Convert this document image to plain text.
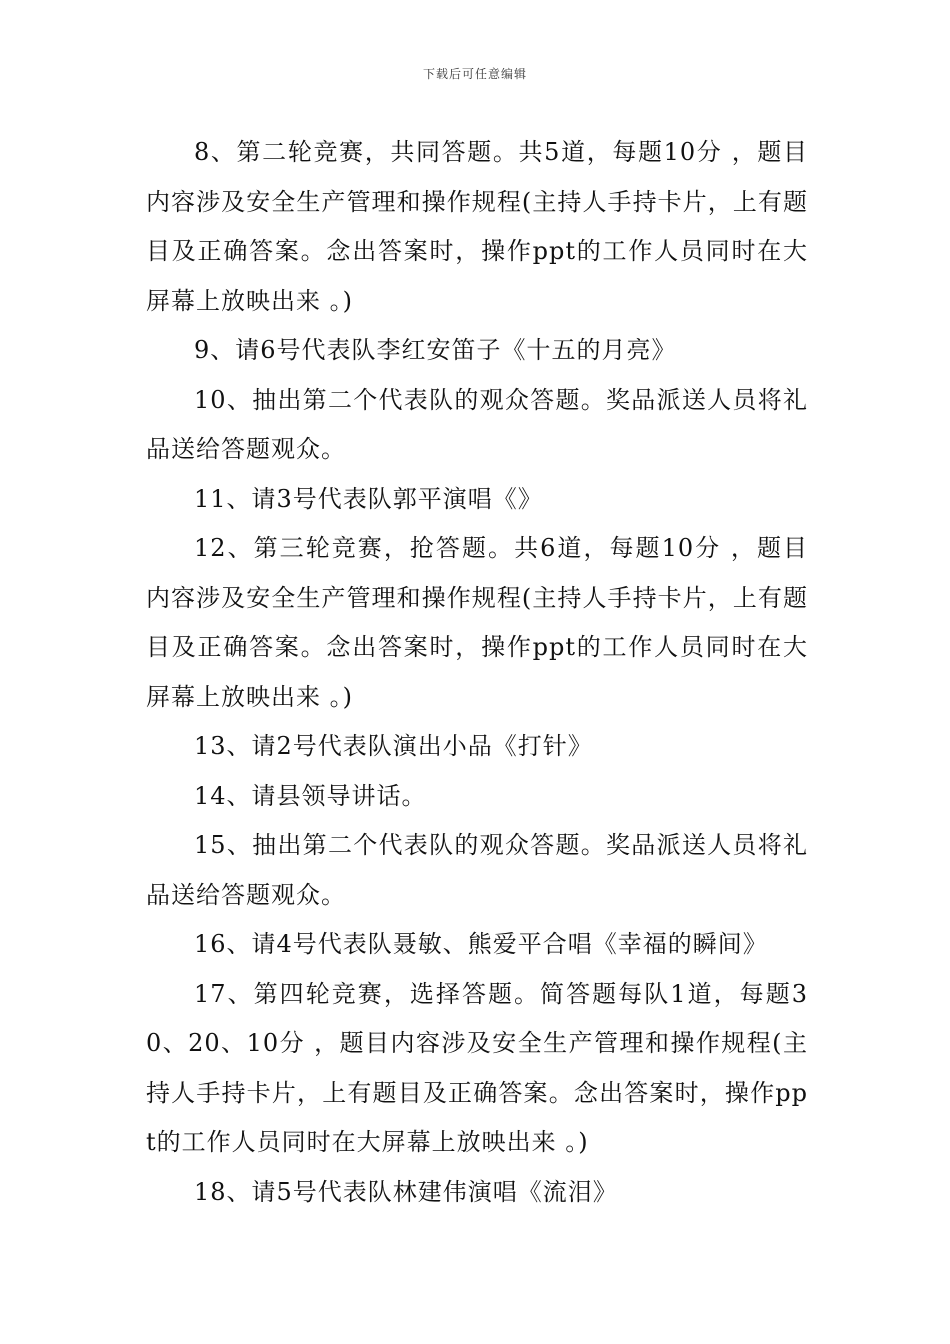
下载后可任意编辑

8、第二轮竞赛，共同答题。共5道，每题10分 ，题目内容涉及安全生产管理和操作规程(主持人手持卡片，上有题目及正确答案。念出答案时，操作ppt的工作人员同时在大屏幕上放映出来 。)

9、请6号代表队李红安笛子《十五的月亮》

10、抽出第二个代表队的观众答题。奖品派送人员将礼品送给答题观众。

11、请3号代表队郭平演唱《》

12、第三轮竞赛，抢答题。共6道，每题10分 ，题目内容涉及安全生产管理和操作规程(主持人手持卡片，上有题目及正确答案。念出答案时，操作ppt的工作人员同时在大屏幕上放映出来 。)

13、请2号代表队演出小品《打针》

14、请县领导讲话。

15、抽出第二个代表队的观众答题。奖品派送人员将礼品送给答题观众。

16、请4号代表队聂敏、熊爱平合唱《幸福的瞬间》

17、第四轮竞赛，选择答题。简答题每队1道，每题30、20、10分 ，题目内容涉及安全生产管理和操作规程(主持人手持卡片，上有题目及正确答案。念出答案时，操作ppt的工作人员同时在大屏幕上放映出来 。)

18、请5号代表队林建伟演唱《流泪》
